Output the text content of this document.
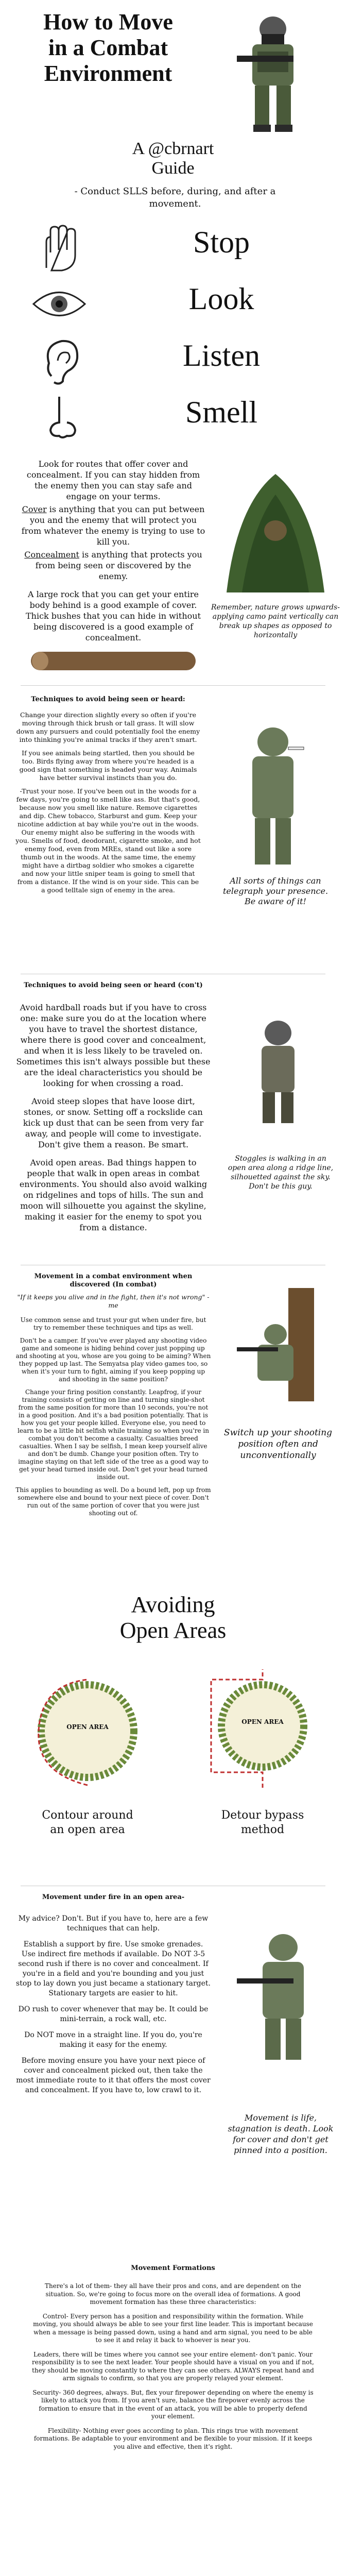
How to Move
in a Combat
Environment
A @cbrnart
Guide
- Conduct SLLS before, during, and after a movement.
Stop
Look
Listen
Smell
Look for routes that offer cover and concealment. If you can stay hidden from the enemy then you can stay safe and engage on your terms.
Cover is anything that you can put between you and the enemy that will protect you from whatever the enemy is trying to use to kill you.
Concealment is anything that protects you from being seen or discovered by the enemy.
A large rock that you can get your entire body behind is a good example of cover. Thick bushes that you can hide in without being discovered is a good example of concealment.
Remember, nature grows upwards- applying camo paint vertically can break up shapes as opposed to horizontally
Techniques to avoid being seen or heard:

Change your direction slightly every so often if you're moving through thick brush or tall grass. It will slow down any pursuers and could potentially fool the enemy into thinking you're animal tracks if they aren't smart.

If you see animals being startled, then you should be too. Birds flying away from where you're headed is a good sign that something is headed your way. Animals have better survival instincts than you do.

-Trust your nose. If you've been out in the woods for a few days, you're going to smell like ass. But that's good, because now you smell like nature. Remove cigarettes and dip. Chew tobacco, Starburst and gum. Keep your nicotine addiction at bay while you're out in the woods. Our enemy might also be suffering in the woods with you. Smells of food, deodorant, cigarette smoke, and hot enemy food, even from MREs, stand out like a sore thumb out in the woods. At the same time, the enemy might have a dirtbag soldier who smokes a cigarette and now your little sniper team is going to smell that from a distance. If the wind is on your side. This can be a good telltale sign of enemy in the area.

All sorts of things can telegraph your presence. Be aware of it!
Techniques to avoid being seen or heard (con't)

Avoid hardball roads but if you have to cross one: make sure you do at the location where you have to travel the shortest distance, where there is good cover and concealment, and when it is less likely to be traveled on. Sometimes this isn't always possible but these are the ideal characteristics you should be looking for when crossing a road.

Avoid steep slopes that have loose dirt, stones, or snow. Setting off a rockslide can kick up dust that can be seen from very far away, and people will come to investigate. Don't give them a reason. Be smart.

Avoid open areas. Bad things happen to people that walk in open areas in combat environments. You should also avoid walking on ridgelines and tops of hills. The sun and moon will silhouette you against the skyline, making it easier for the enemy to spot you from a distance.

Stoggles is walking in an open area along a ridge line, silhouetted against the sky. Don't be this guy.
Movement in a combat environment when discovered (In combat)
"If it keeps you alive and in the fight, then it's not wrong" -me

Use common sense and trust your gut when under fire, but try to remember these techniques and tips as well.

Don't be a camper. If you've ever played any shooting video game and someone is hiding behind cover just popping up and shooting at you, whose are you going to be aiming? When they popped up last. The Semyatsa play video games too, so when it's your turn to fight, aiming if you keep popping up and shooting in the same position?

Change your firing position constantly. Leapfrog, if your training consists of getting on line and turning single-shot from the same position for more than 10 seconds, you're not in a good position. And it's a bad position potentially. That is how you get your people killed. Everyone else, you need to learn to be a little bit selfish while training so when you're in combat you don't become a casualty. Casualties breed casualties. When I say be selfish, I mean keep yourself alive and don't be dumb. Change your position often. Try to imagine staying on that left side of the tree as a good way to get your head turned inside out. Don't get your head turned inside out.

This applies to bounding as well. Do a bound left, pop up from somewhere else and bound to your next piece of cover. Don't run out of the same portion of cover that you were just shooting out of.

Switch up your shooting position often and unconventionally
Avoiding
Open Areas
OPEN AREA
OPEN AREA
Contour around
an open area
Detour bypass
method
Movement under fire in an open area-

My advice? Don't. But if you have to, here are a few techniques that can help.

Establish a support by fire. Use smoke grenades. Use indirect fire methods if available. Do NOT 3-5 second rush if there is no cover and concealment. If you're in a field and you're bounding and you just stop to lay down you just became a stationary target. Stationary targets are easier to hit.

DO rush to cover whenever that may be. It could be mini-terrain, a rock wall, etc.

Do NOT move in a straight line. If you do, you're making it easy for the enemy.

Before moving ensure you have your next piece of cover and concealment picked out, then take the most immediate route to it that offers the most cover and concealment. If you have to, low crawl to it.

Movement is life, stagnation is death. Look for cover and don't get pinned into a position.
Movement Formations

There's a lot of them- they all have their pros and cons, and are dependent on the situation. So, we're going to focus more on the overall idea of formations. A good movement formation has these three characteristics:

Control- Every person has a position and responsibility within the formation. While moving, you should always be able to see your first line leader. This is important because when a message is being passed down, using a hand and arm signal, you need to be able to see it and relay it back to whoever is near you.

Leaders, there will be times where you cannot see your entire element- don't panic. Your responsibility is to see the next leader. Your people should have a visual on you and if not, they should be moving constantly to where they can see others. ALWAYS repeat hand and arm signals to confirm, so that you are properly relayed your element.

Security- 360 degrees, always. But, flex your firepower depending on where the enemy is likely to attack you from. If you aren't sure, balance the firepower evenly across the formation to ensure that in the event of an attack, you will be able to properly defend your element.

Flexibility- Nothing ever goes according to plan. This rings true with movement formations. Be adaptable to your environment and be flexible to your mission. If it keeps you alive and effective, then it's right.
